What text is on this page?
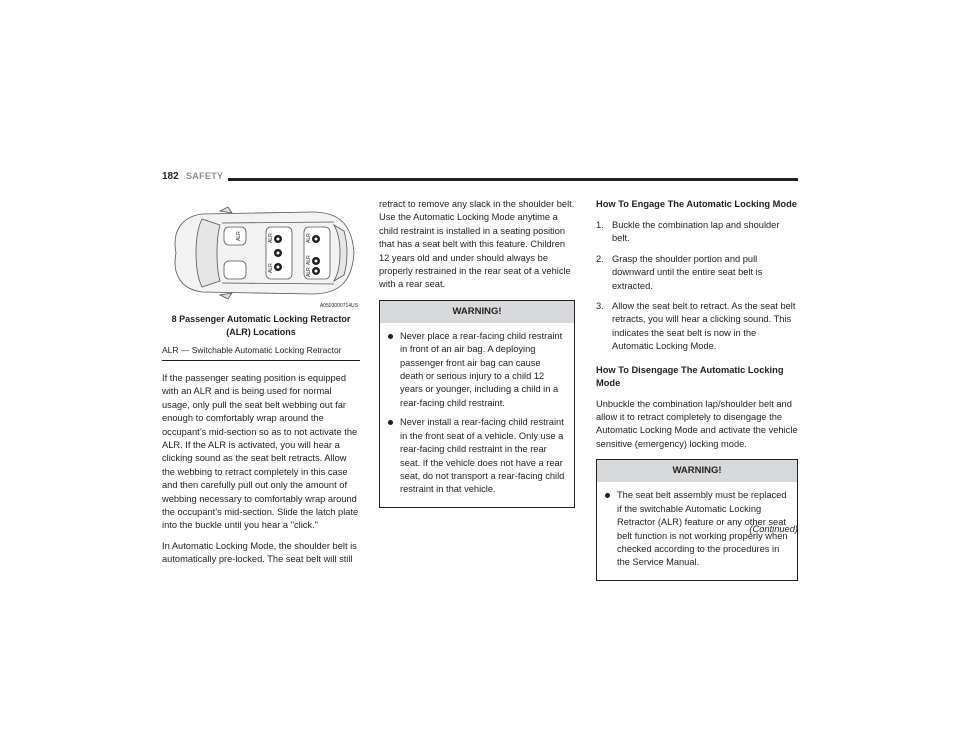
182 SAFETY
ALR	ALR
ALR
ALR
ALR
ALR
A0503000714US
8 Passenger Automatic Locking Retractor (ALR) Locations
ALR — Switchable Automatic Locking Retractor

If the passenger seating position is equipped with an ALR and is being used for normal usage, only pull the seat belt webbing out far enough to comfortably wrap around the occupant’s mid-section so as to not activate the ALR. If the ALR is activated, you will hear a clicking sound as the seat belt retracts. Allow the webbing to retract completely in this case and then carefully pull out only the amount of webbing necessary to comfortably wrap around the occupant’s mid-section. Slide the latch plate into the buckle until you hear a "click."

In Automatic Locking Mode, the shoulder belt is automatically pre-locked. The seat belt will still

retract to remove any slack in the shoulder belt. Use the Automatic Locking Mode anytime a child restraint is installed in a seating position that has a seat belt with this feature. Children 12 years old and under should always be properly restrained in the rear seat of a vehicle with a rear seat.

WARNING!
Never place a rear-facing child restraint in front of an air bag. A deploying passenger front air bag can cause death or serious injury to a child 12 years or younger, including a child in a rear-facing child restraint.
Never install a rear-facing child restraint in the front seat of a vehicle. Only use a rear-facing child restraint in the rear seat. If the vehicle does not have a rear seat, do not transport a rear-facing child restraint in that vehicle.
How To Engage The Automatic Locking Mode
1. Buckle the combination lap and shoulder belt.
2. Grasp the shoulder portion and pull downward until the entire seat belt is extracted.
3. Allow the seat belt to retract. As the seat belt retracts, you will hear a clicking sound. This indicates the seat belt is now in the Automatic Locking Mode.
How To Disengage The Automatic Locking Mode

Unbuckle the combination lap/shoulder belt and allow it to retract completely to disengage the Automatic Locking Mode and activate the vehicle sensitive (emergency) locking mode.

WARNING!
The seat belt assembly must be replaced if the switchable Automatic Locking Retractor (ALR) feature or any other seat belt function is not working properly when checked according to the procedures in the Service Manual.
(Continued)
